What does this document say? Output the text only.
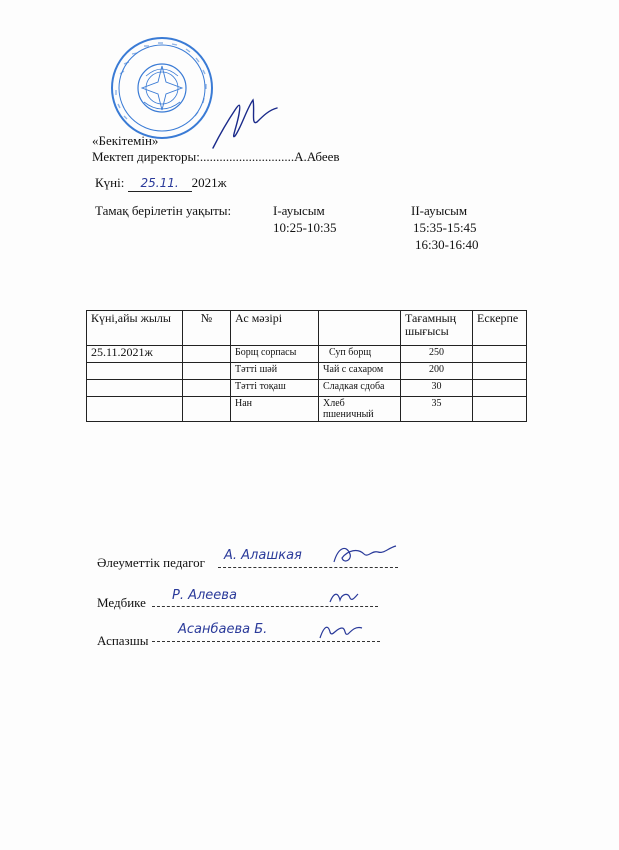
«Бекітемін»
Мектеп директоры:.............................А.Абеев
Күні: 25.11. 2021ж
Тамақ берілетін уақыты:	І-ауысым
10:25-10:35
ІІ-ауысым
15:35-15:45
16:30-16:40
Күні,айы жылы	№	Ас мәзірі		Тағамның шығысы	Ескерпе
25.11.2021ж		Борщ сорпасы	Суп борщ	250	
		Тәтті шәй	Чай с сахаром	200	
		Тәтті тоқаш	Сладкая сдоба	30	
		Нан	Хлеб пшеничный	35	
Әлеуметтік педагог А. Алашкая
Медбике Р. Алеева
Аспазшы
Асанбаева Б.
